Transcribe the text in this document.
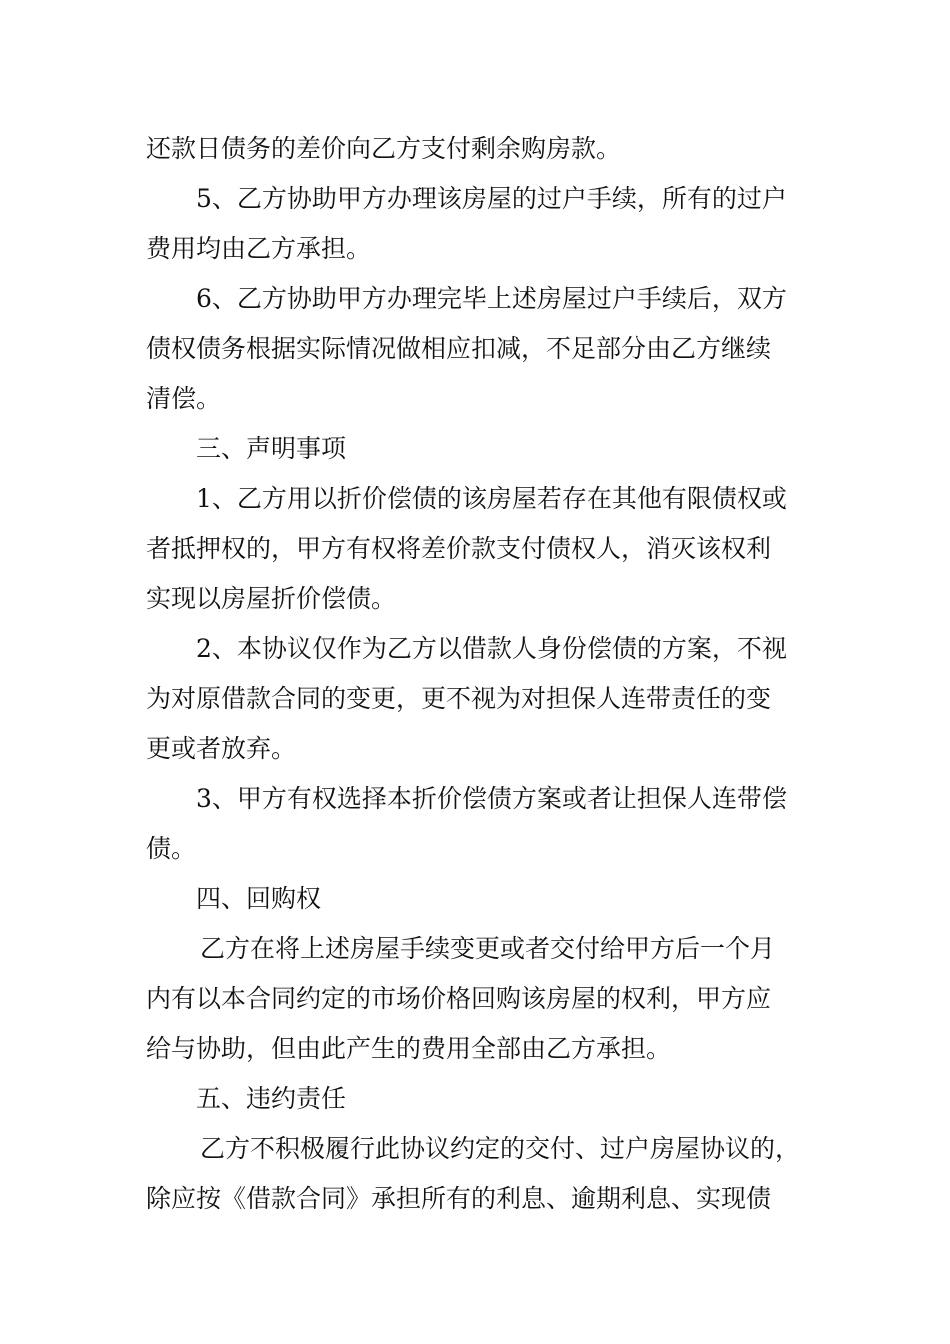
还款日债务的差价向乙方支付剩余购房款。
5、乙方协助甲方办理该房屋的过户手续，所有的过户
费用均由乙方承担。
6、乙方协助甲方办理完毕上述房屋过户手续后，双方
债权债务根据实际情况做相应扣减，不足部分由乙方继续
清偿。
三、声明事项
1、乙方用以折价偿债的该房屋若存在其他有限债权或
者抵押权的，甲方有权将差价款支付债权人，消灭该权利
实现以房屋折价偿债。
2、本协议仅作为乙方以借款人身份偿债的方案，不视
为对原借款合同的变更，更不视为对担保人连带责任的变
更或者放弃。
3、甲方有权选择本折价偿债方案或者让担保人连带偿
债。
四、回购权
乙方在将上述房屋手续变更或者交付给甲方后一个月
内有以本合同约定的市场价格回购该房屋的权利，甲方应
给与协助，但由此产生的费用全部由乙方承担。
五、违约责任
乙方不积极履行此协议约定的交付、过户房屋协议的，
除应按《借款合同》承担所有的利息、逾期利息、实现债
